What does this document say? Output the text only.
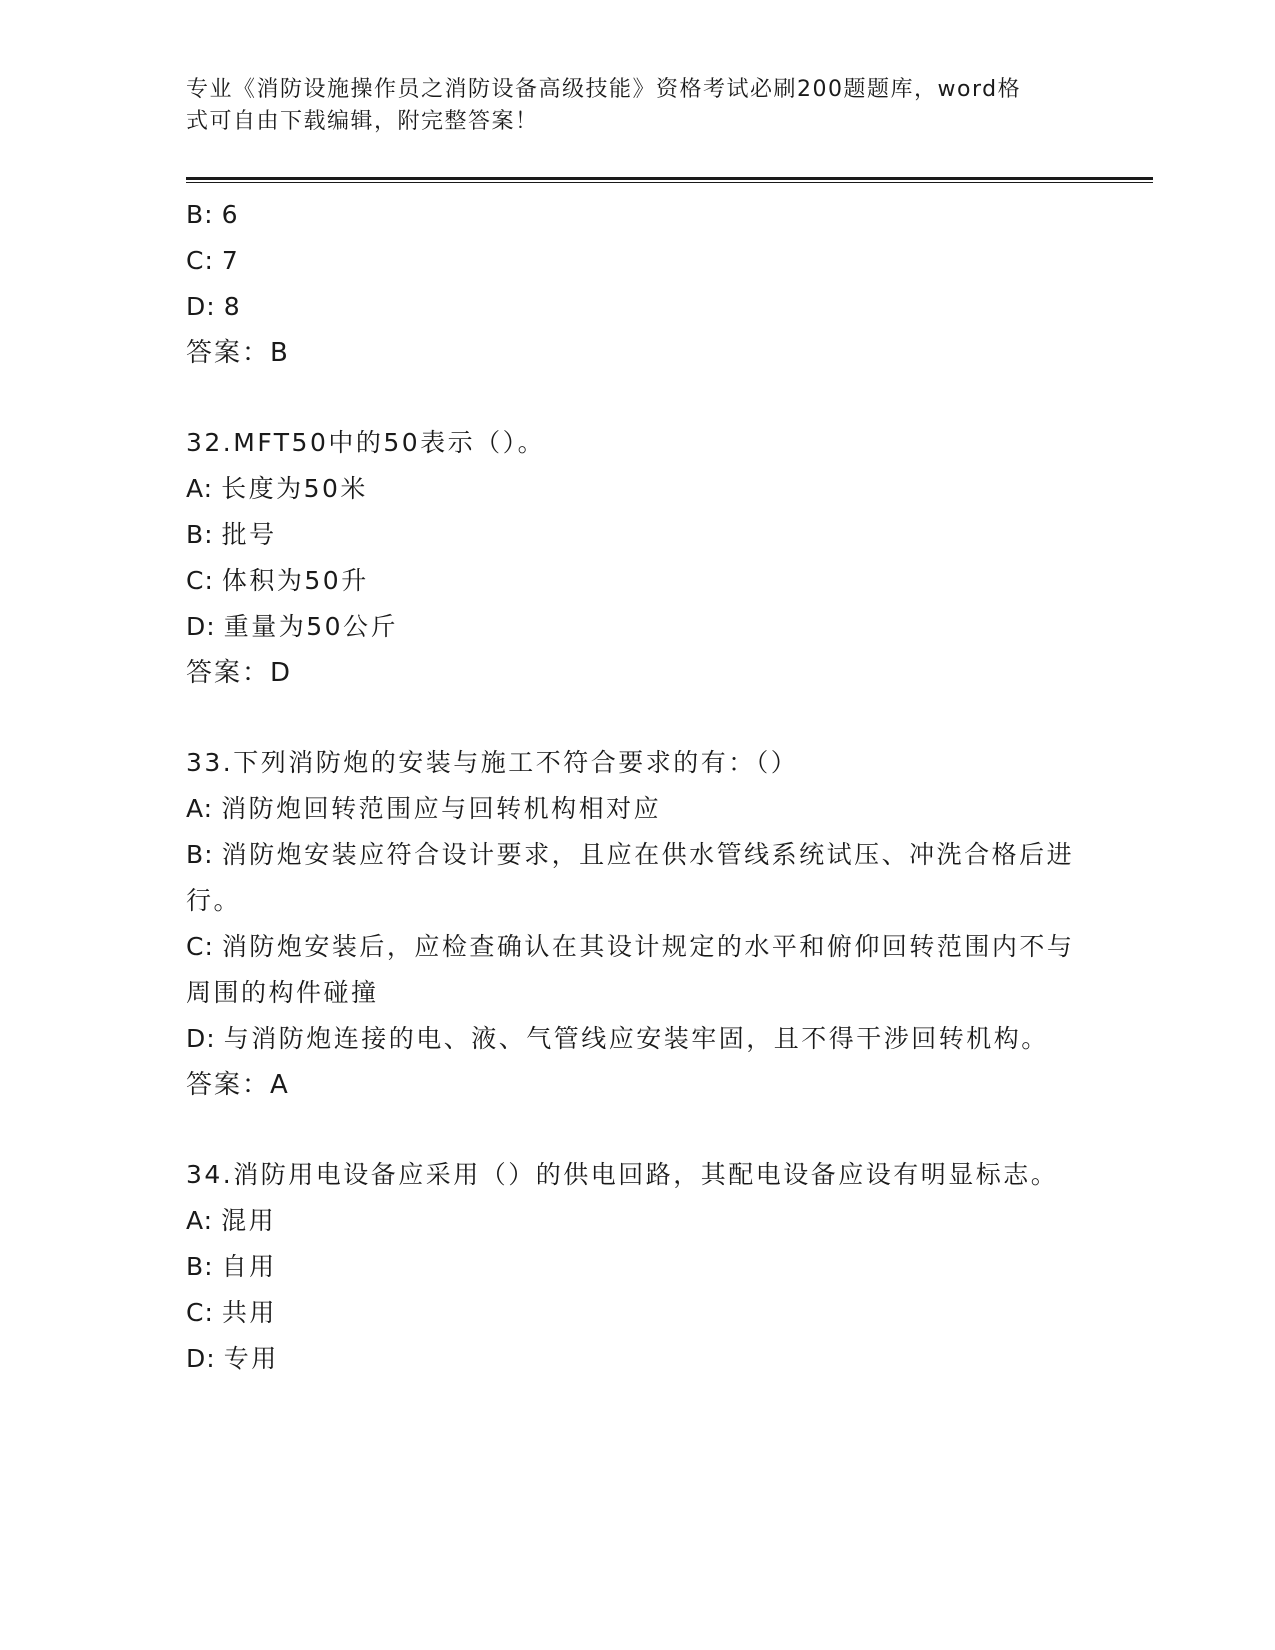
专业《消防设施操作员之消防设备高级技能》资格考试必刷200题题库，word格
式可自由下载编辑，附完整答案！
B: 6
C: 7
D: 8
答案：B
32.MFT50中的50表示（）。
A: 长度为50米
B: 批号
C: 体积为50升
D: 重量为50公斤
答案：D
33.下列消防炮的安装与施工不符合要求的有：（）
A: 消防炮回转范围应与回转机构相对应
B: 消防炮安装应符合设计要求，且应在供水管线系统试压、冲洗合格后进行。
C: 消防炮安装后，应检查确认在其设计规定的水平和俯仰回转范围内不与周围的构件碰撞
D: 与消防炮连接的电、液、气管线应安装牢固，且不得干涉回转机构。
答案：A
34.消防用电设备应采用（）的供电回路，其配电设备应设有明显标志。
A: 混用
B: 自用
C: 共用
D: 专用
